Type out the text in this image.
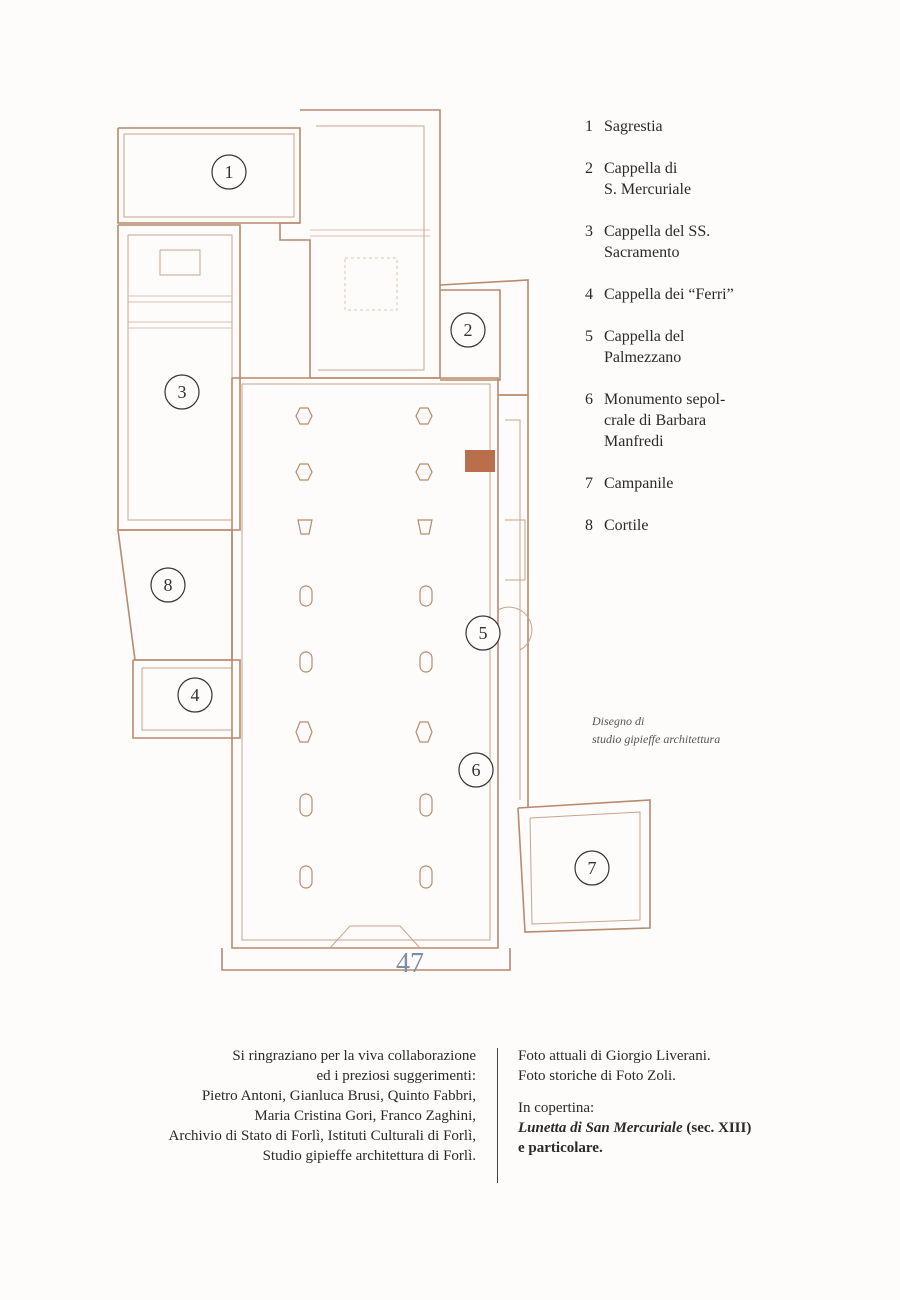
1
2
3
4
5
6
7
8
47
1 Sagrestia
2 Cappella di
S. Mercuriale
3 Cappella del SS.
Sacramento
4 Cappella dei “Ferri”
5 Cappella del
Palmezzano
6 Monumento sepol-
crale di Barbara
Manfredi
7 Campanile
8 Cortile
Disegno di
studio gipieffe architettura
Si ringraziano per la viva collaborazione
ed i preziosi suggerimenti:
Pietro Antoni, Gianluca Brusi, Quinto Fabbri,
Maria Cristina Gori, Franco Zaghini,
Archivio di Stato di Forlì, Istituti Culturali di Forlì,
Studio gipieffe architettura di Forlì.
Foto attuali di Giorgio Liverani.
Foto storiche di Foto Zoli.
In copertina:
Lunetta di San Mercuriale (sec. XIII)
e particolare.
